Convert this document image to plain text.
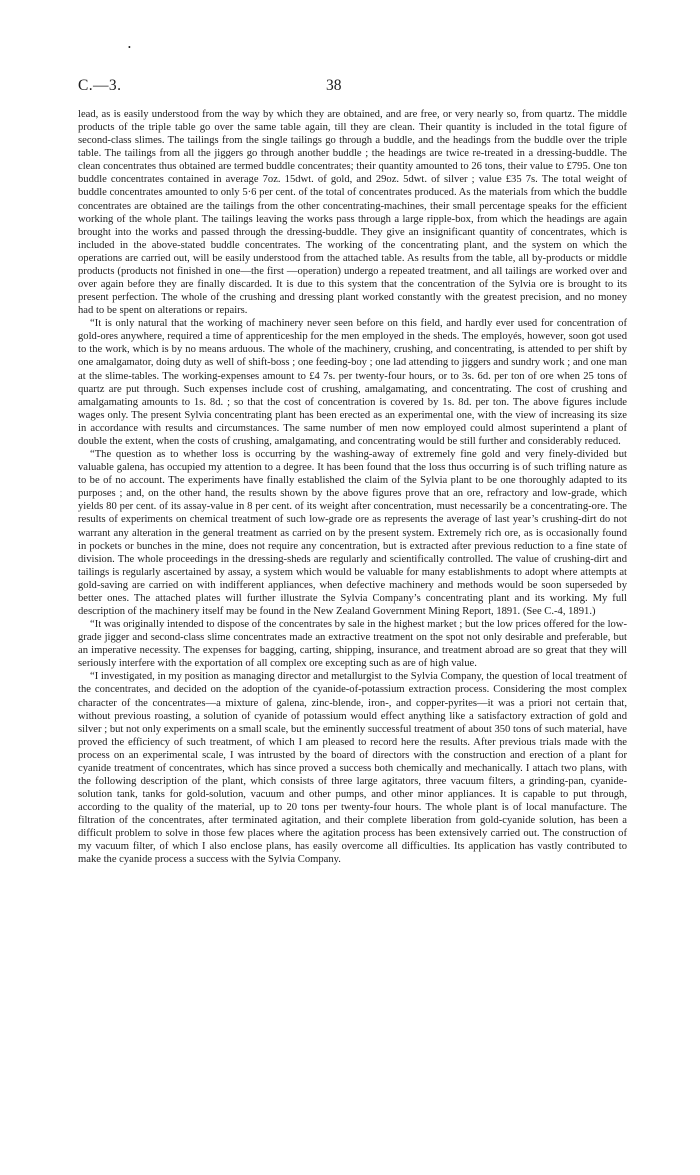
•
C.—3.	38

lead, as is easily understood from the way by which they are obtained, and are free, or very nearly so, from quartz. The middle products of the triple table go over the same table again, till they are clean. Their quantity is included in the total figure of second-class slimes. The tailings from the single tailings go through a buddle, and the headings from the buddle over the triple table. The tailings from all the jiggers go through another buddle ; the headings are twice re-treated in a dressing-buddle. The clean concentrates thus obtained are termed buddle concentrates; their quantity amounted to 26 tons, their value to £795. One ton buddle concentrates contained in average 7oz. 15dwt. of gold, and 29oz. 5dwt. of silver ; value £35 7s. The total weight of buddle concentrates amounted to only 5·6 per cent. of the total of concentrates produced. As the materials from which the buddle concentrates are obtained are the tailings from the other concentrating-machines, their small percentage speaks for the efficient working of the whole plant. The tailings leaving the works pass through a large ripple-box, from which the headings are again brought into the works and passed through the dressing-buddle. They give an insignificant quantity of concentrates, which is included in the above-stated buddle concentrates. The working of the concentrating plant, and the system on which the operations are carried out, will be easily understood from the attached table. As results from the table, all by-products or middle products (products not finished in one—the first —operation) undergo a repeated treatment, and all tailings are worked over and over again before they are finally discarded. It is due to this system that the concentration of the Sylvia ore is brought to its present perfection. The whole of the crushing and dressing plant worked constantly with the greatest precision, and no money had to be spent on alterations or repairs.

“It is only natural that the working of machinery never seen before on this field, and hardly ever used for concentration of gold-ores anywhere, required a time of apprenticeship for the men employed in the sheds. The employés, however, soon got used to the work, which is by no means arduous. The whole of the machinery, crushing, and concentrating, is attended to per shift by one amalgamator, doing duty as well of shift-boss ; one feeding-boy ; one lad attending to jiggers and sundry work ; and one man at the slime-tables. The working-expenses amount to £4 7s. per twenty-four hours, or to 3s. 6d. per ton of ore when 25 tons of quartz are put through. Such expenses include cost of crushing, amalgamating, and concentrating. The cost of crushing and amalgamating amounts to 1s. 8d. ; so that the cost of concentration is covered by 1s. 8d. per ton. The above figures include wages only. The present Sylvia concentrating plant has been erected as an experimental one, with the view of increasing its size in accordance with results and circumstances. The same number of men now employed could almost superintend a plant of double the extent, when the costs of crushing, amalgamating, and concentrating would be still further and considerably reduced.

“The question as to whether loss is occurring by the washing-away of extremely fine gold and very finely-divided but valuable galena, has occupied my attention to a degree. It has been found that the loss thus occurring is of such trifling nature as to be of no account. The experiments have finally established the claim of the Sylvia plant to be one thoroughly adapted to its purposes ; and, on the other hand, the results shown by the above figures prove that an ore, refractory and low-grade, which yields 80 per cent. of its assay-value in 8 per cent. of its weight after concentration, must necessarily be a concentrating-ore. The results of experiments on chemical treatment of such low-grade ore as represents the average of last year’s crushing-dirt do not warrant any alteration in the general treatment as carried on by the present system. Extremely rich ore, as is occasionally found in pockets or bunches in the mine, does not require any concentration, but is extracted after previous reduction to a fine state of division. The whole proceedings in the dressing-sheds are regularly and scientifically controlled. The value of crushing-dirt and tailings is regularly ascertained by assay, a system which would be valuable for many establishments to adopt where attempts at gold-saving are carried on with indifferent appliances, when defective machinery and methods would be soon superseded by better ones. The attached plates will further illustrate the Sylvia Company’s concentrating plant and its working. My full description of the machinery itself may be found in the New Zealand Government Mining Report, 1891. (See C.-4, 1891.)

“It was originally intended to dispose of the concentrates by sale in the highest market ; but the low prices offered for the low-grade jigger and second-class slime concentrates made an extractive treatment on the spot not only desirable and preferable, but an imperative necessity. The expenses for bagging, carting, shipping, insurance, and treatment abroad are so great that they will seriously interfere with the exportation of all complex ore excepting such as are of high value.

“I investigated, in my position as managing director and metallurgist to the Sylvia Company, the question of local treatment of the concentrates, and decided on the adoption of the cyanide-of-potassium extraction process. Considering the most complex character of the concentrates—a mixture of galena, zinc-blende, iron-, and copper-pyrites—it was a priori not certain that, without previous roasting, a solution of cyanide of potassium would effect anything like a satisfactory extraction of gold and silver ; but not only experiments on a small scale, but the eminently successful treatment of about 350 tons of such material, have proved the efficiency of such treatment, of which I am pleased to record here the results. After previous trials made with the process on an experimental scale, I was intrusted by the board of directors with the construction and erection of a plant for cyanide treatment of concentrates, which has since proved a success both chemically and mechanically. I attach two plans, with the following description of the plant, which consists of three large agitators, three vacuum filters, a grinding-pan, cyanide-solution tank, tanks for gold-solution, vacuum and other pumps, and other minor appliances. It is capable to put through, according to the quality of the material, up to 20 tons per twenty-four hours. The whole plant is of local manufacture. The filtration of the concentrates, after terminated agitation, and their complete liberation from gold-cyanide solution, has been a difficult problem to solve in those few places where the agitation process has been extensively carried out. The construction of my vacuum filter, of which I also enclose plans, has easily overcome all difficulties. Its application has vastly contributed to make the cyanide process a success with the Sylvia Company.
